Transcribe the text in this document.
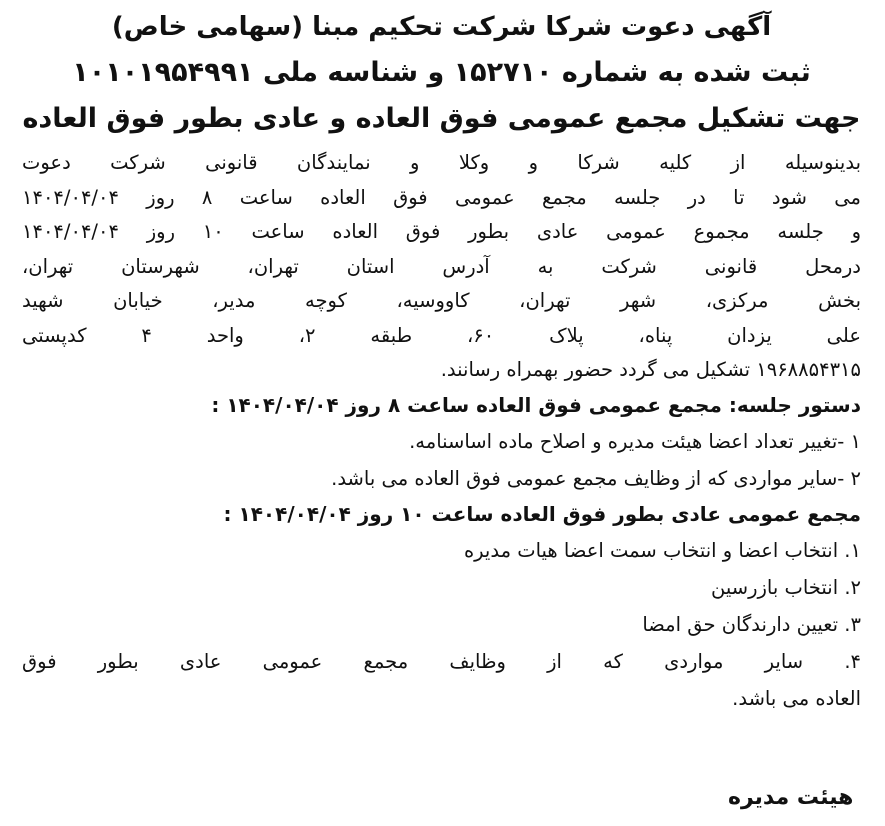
آگهی دعوت شرکا شرکت تحکیم مبنا (سهامی خاص)
ثبت شده به شماره ۱۵۲۷۱۰ و شناسه ملی ۱۰۱۰۱۹۵۴۹۹۱
جهت تشکیل مجمع عمومی فوق العاده و عادی بطور فوق العاده

بدینوسیله از کلیه شرکا و وکلا و نمایندگان قانونی شرکت دعوت

می شود تا در جلسه مجمع عمومی فوق العاده ساعت ۸ روز ۱۴۰۴/۰۴/۰۴

و جلسه مجموع عمومی عادی بطور فوق العاده ساعت ۱۰ روز ۱۴۰۴/۰۴/۰۴

درمحل قانونی شرکت به آدرس استان تهران، شهرستان تهران،

بخش مرکزی، شهر تهران، کاووسیه، کوچه مدیر، خیابان شهید

علی یزدان پناه، پلاک ۶۰، طبقه ۲، واحد ۴ کدپستی

۱۹۶۸۸۵۴۳۱۵ تشکیل می گردد حضور بهمراه رسانند.

دستور جلسه: مجمع عمومی فوق العاده ساعت ۸ روز ۱۴۰۴/۰۴/۰۴ :

۱ -تغییر تعداد اعضا هیئت مدیره و اصلاح ماده اساسنامه.

۲ -سایر مواردی که از وظایف مجمع عمومی فوق العاده می باشد.

مجمع عمومی عادی بطور فوق العاده ساعت ۱۰ روز ۱۴۰۴/۰۴/۰۴ :

۱. انتخاب اعضا و انتخاب سمت اعضا هیات مدیره

۲. انتخاب بازرسین

۳. تعیین دارندگان حق امضا

۴. سایر مواردی که از وظایف مجمع عمومی عادی بطور فوق

العاده می باشد.

هیئت مدیره
